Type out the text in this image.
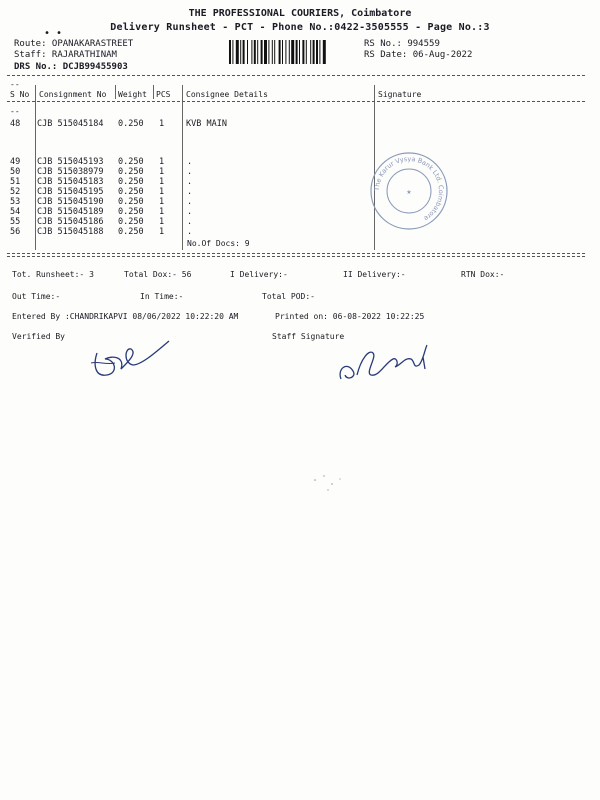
THE PROFESSIONAL COURIERS, Coimbatore
Delivery Runsheet - PCT - Phone No.:0422-3505555 - Page No.:3
• •
Route: OPANAKARASTREET
Staff: RAJARATHINAM
DRS No.: DCJB99455903
RS No.: 994559
RS Date: 06-Aug-2022
--
S No Consignment No Weight PCS Consignee Details	Signature
--
48 CJB 515045184 0.250 1	KVB MAIN
49 CJB 515045193 0.250 1	.
50 CJB 515038979 0.250 1	.
51 CJB 515045183 0.250 1	.
52 CJB 515045195 0.250 1	.
53 CJB 515045190 0.250 1	.
54 CJB 515045189 0.250 1	.
55 CJB 515045186 0.250 1	.
56 CJB 515045188 0.250 1	.
No.Of Docs: 9
The Karur Vysya Bank Ltd. Coimbatore
★
Tot. Runsheet:- 3	Total Dox:- 56	I Delivery:-	II Delivery:-	RTN Dox:-
Out Time:-	In Time:-	Total POD:-
Entered By :CHANDRIKAPVI 08/06/2022 10:22:20 AM	Printed on: 06-08-2022 10:22:25
Verified By	Staff Signature
